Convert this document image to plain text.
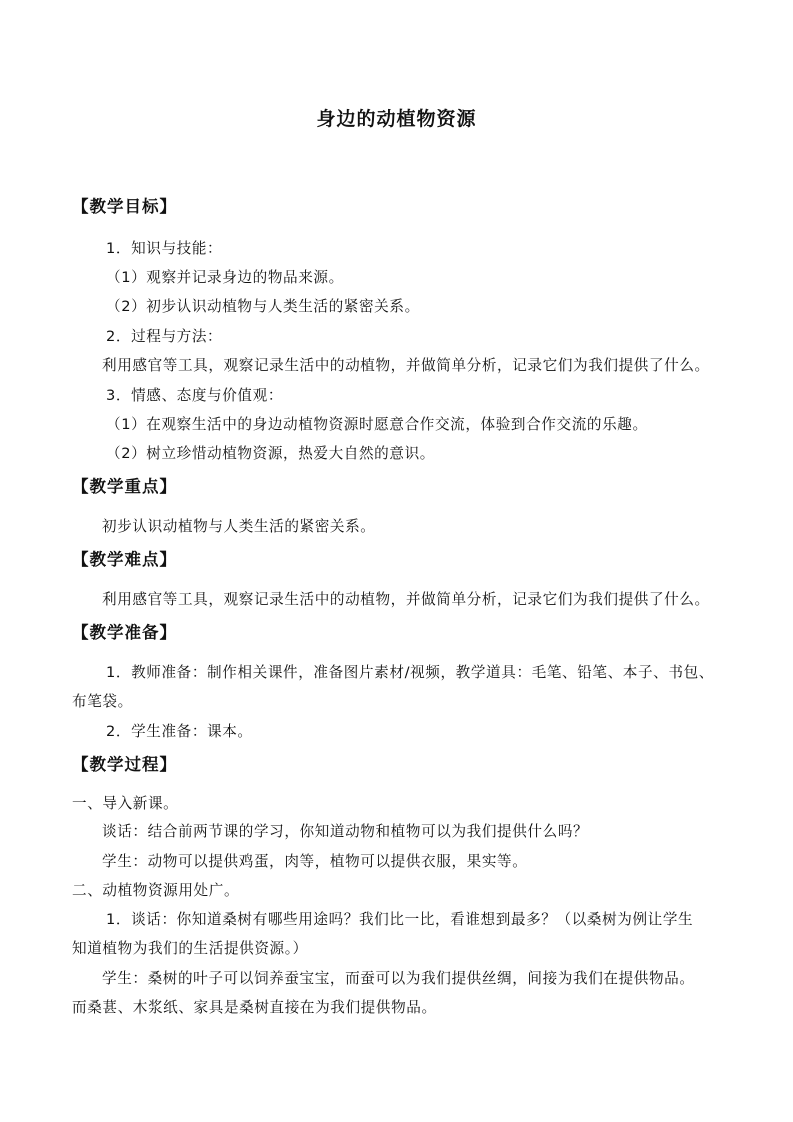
身边的动植物资源
【教学目标】
1．知识与技能：
（1）观察并记录身边的物品来源。
（2）初步认识动植物与人类生活的紧密关系。
2．过程与方法：
利用感官等工具，观察记录生活中的动植物，并做简单分析，记录它们为我们提供了什么。
3．情感、态度与价值观：
（1）在观察生活中的身边动植物资源时愿意合作交流，体验到合作交流的乐趣。
（2）树立珍惜动植物资源，热爱大自然的意识。
【教学重点】
初步认识动植物与人类生活的紧密关系。
【教学难点】
利用感官等工具，观察记录生活中的动植物，并做简单分析，记录它们为我们提供了什么。
【教学准备】
1．教师准备：制作相关课件，准备图片素材/视频，教学道具：毛笔、铅笔、本子、书包、
布笔袋。
2．学生准备：课本。
【教学过程】
一、导入新课。
谈话：结合前两节课的学习，你知道动物和植物可以为我们提供什么吗？
学生：动物可以提供鸡蛋，肉等，植物可以提供衣服，果实等。
二、动植物资源用处广。
1．谈话：你知道桑树有哪些用途吗？我们比一比，看谁想到最多？（以桑树为例让学生
知道植物为我们的生活提供资源。）
学生：桑树的叶子可以饲养蚕宝宝，而蚕可以为我们提供丝绸，间接为我们在提供物品。
而桑葚、木浆纸、家具是桑树直接在为我们提供物品。
